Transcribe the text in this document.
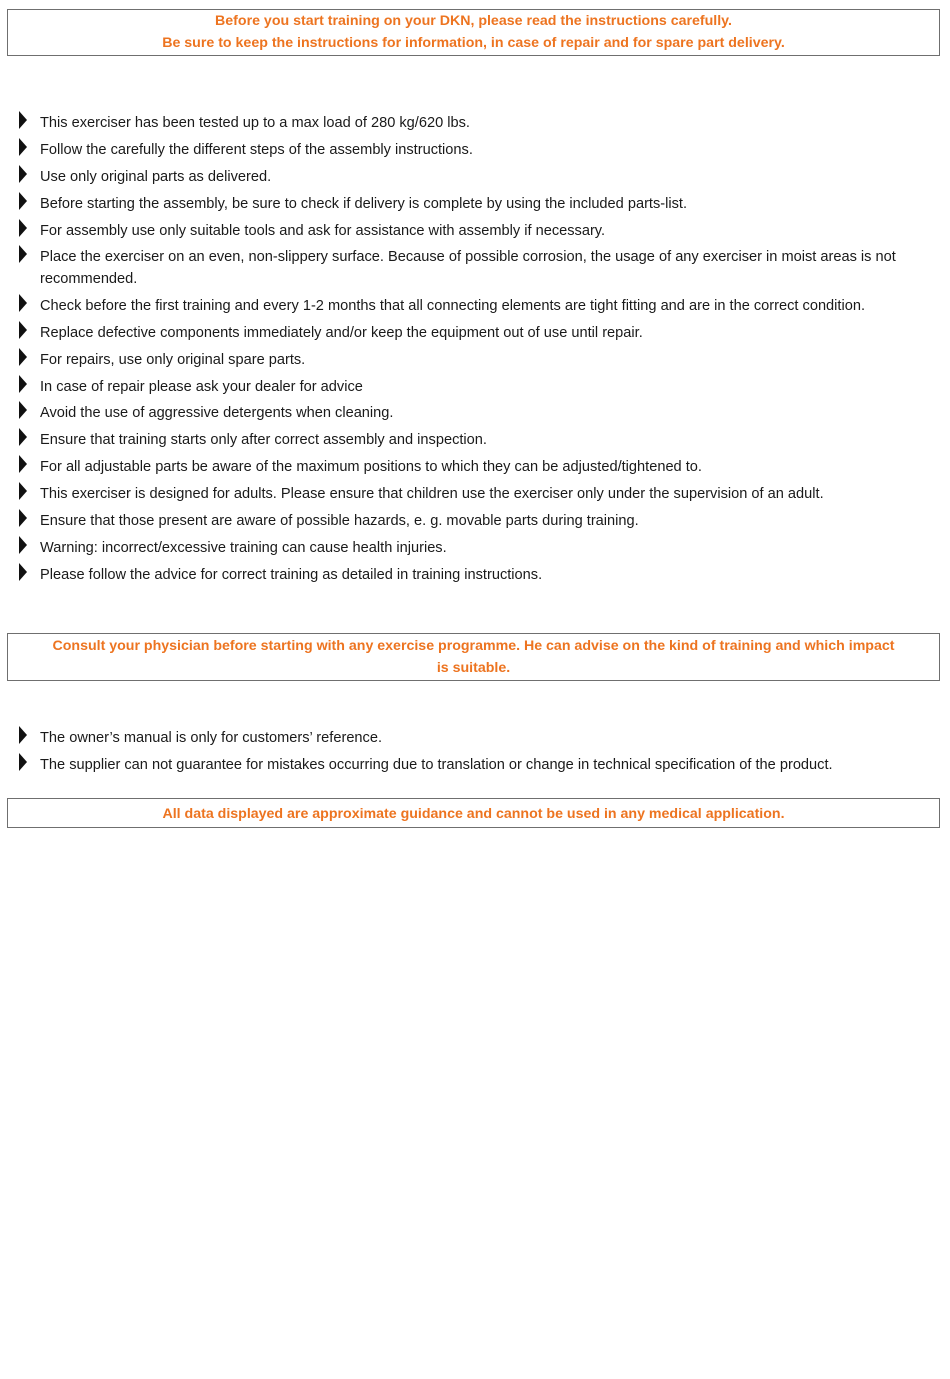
Before you start training on your DKN, please read the instructions carefully.
Be sure to keep the instructions for information, in case of repair and for spare part delivery.
This exerciser has been tested up to a max load of 280 kg/620 lbs.
Follow the carefully the different steps of the assembly instructions.
Use only original parts as delivered.
Before starting the assembly, be sure to check if delivery is complete by using the included parts-list.
For assembly use only suitable tools and ask for assistance with assembly if necessary.
Place the exerciser on an even, non-slippery surface. Because of possible corrosion, the usage of any exerciser in moist areas is not recommended.
Check before the first training and every 1-2 months that all connecting elements are tight fitting and are in the correct condition.
Replace defective components immediately and/or keep the equipment out of use until repair.
For repairs, use only original spare parts.
In case of repair please ask your dealer for advice
Avoid the use of aggressive detergents when cleaning.
Ensure that training starts only after correct assembly and inspection.
For all adjustable parts be aware of the maximum positions to which they can be adjusted/tightened to.
This exerciser is designed for adults. Please ensure that children use the exerciser only under the supervision of an adult.
Ensure that those present are aware of possible hazards, e. g. movable parts during training.
Warning: incorrect/excessive training can cause health injuries.
Please follow the advice for correct training as detailed in training instructions.
Consult your physician before starting with any exercise programme. He can advise on the kind of training and which impact
is suitable.
The owner’s manual is only for customers’ reference.
The supplier can not guarantee for mistakes occurring due to translation or change in technical specification of the product.
All data displayed are approximate guidance and cannot be used in any medical application.
